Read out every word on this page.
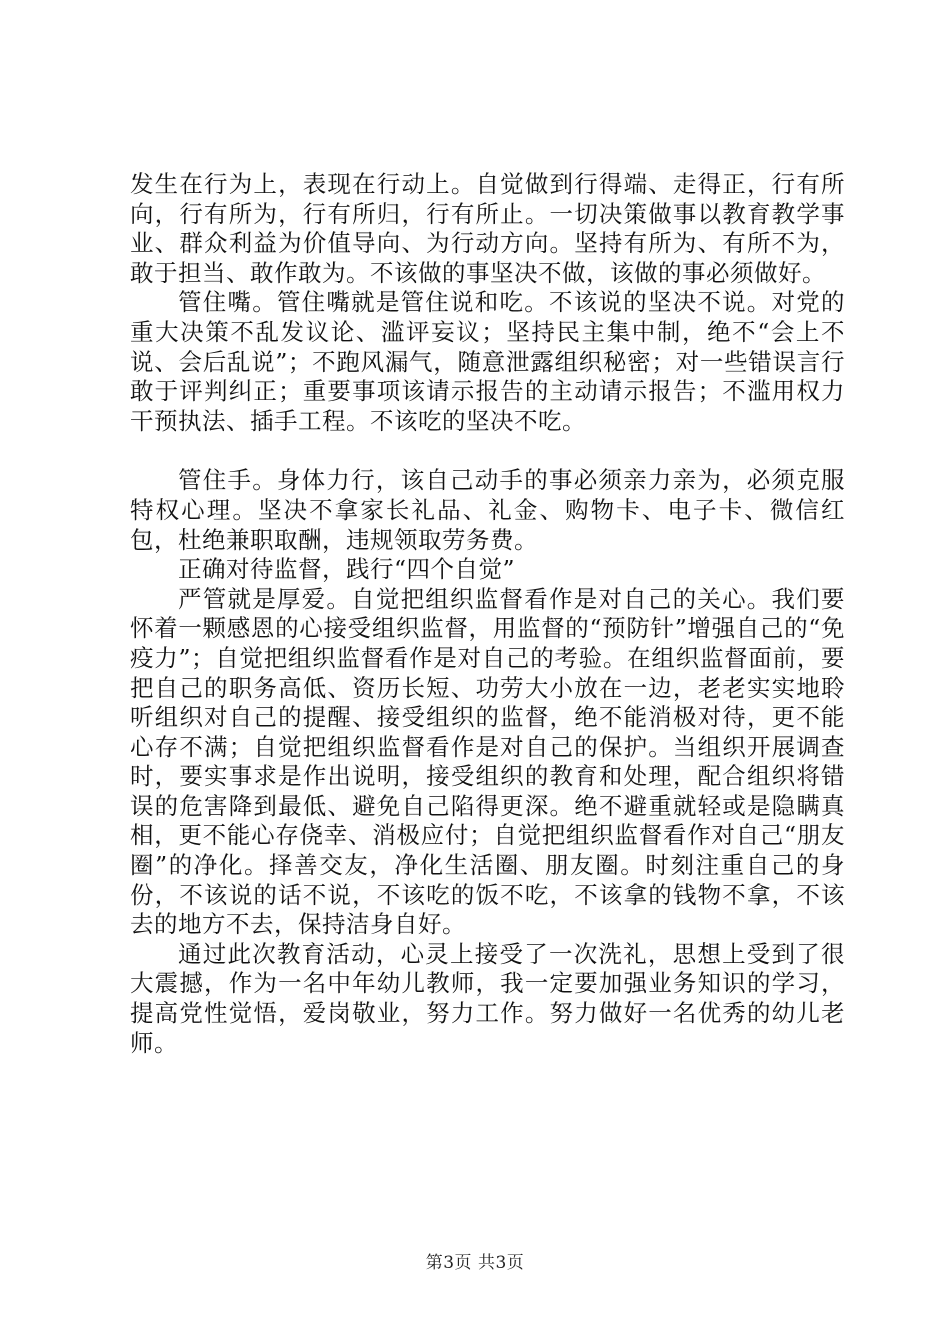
发生在行为上，表现在行动上。自觉做到行得端、走得正，行有所向，行有所为，行有所归，行有所止。一切决策做事以教育教学事业、群众利益为价值导向、为行动方向。坚持有所为、有所不为，敢于担当、敢作敢为。不该做的事坚决不做，该做的事必须做好。

管住嘴。管住嘴就是管住说和吃。不该说的坚决不说。对党的重大决策不乱发议论、滥评妄议；坚持民主集中制，绝不“会上不说、会后乱说”；不跑风漏气，随意泄露组织秘密；对一些错误言行敢于评判纠正；重要事项该请示报告的主动请示报告；不滥用权力干预执法、插手工程。不该吃的坚决不吃。

管住手。身体力行，该自己动手的事必须亲力亲为，必须克服特权心理。坚决不拿家长礼品、礼金、购物卡、电子卡、微信红包，杜绝兼职取酬，违规领取劳务费。

正确对待监督，践行“四个自觉”

严管就是厚爱。自觉把组织监督看作是对自己的关心。我们要怀着一颗感恩的心接受组织监督，用监督的“预防针”增强自己的“免疫力”；自觉把组织监督看作是对自己的考验。在组织监督面前，要把自己的职务高低、资历长短、功劳大小放在一边，老老实实地聆听组织对自己的提醒、接受组织的监督，绝不能消极对待，更不能心存不满；自觉把组织监督看作是对自己的保护。当组织开展调查时，要实事求是作出说明，接受组织的教育和处理，配合组织将错误的危害降到最低、避免自己陷得更深。绝不避重就轻或是隐瞒真相，更不能心存侥幸、消极应付；自觉把组织监督看作对自己“朋友圈”的净化。择善交友，净化生活圈、朋友圈。时刻注重自己的身份，不该说的话不说，不该吃的饭不吃，不该拿的钱物不拿，不该去的地方不去，保持洁身自好。

通过此次教育活动，心灵上接受了一次洗礼，思想上受到了很大震撼，作为一名中年幼儿教师，我一定要加强业务知识的学习，提高党性觉悟，爱岗敬业，努力工作。努力做好一名优秀的幼儿老师。

第3页 共3页
